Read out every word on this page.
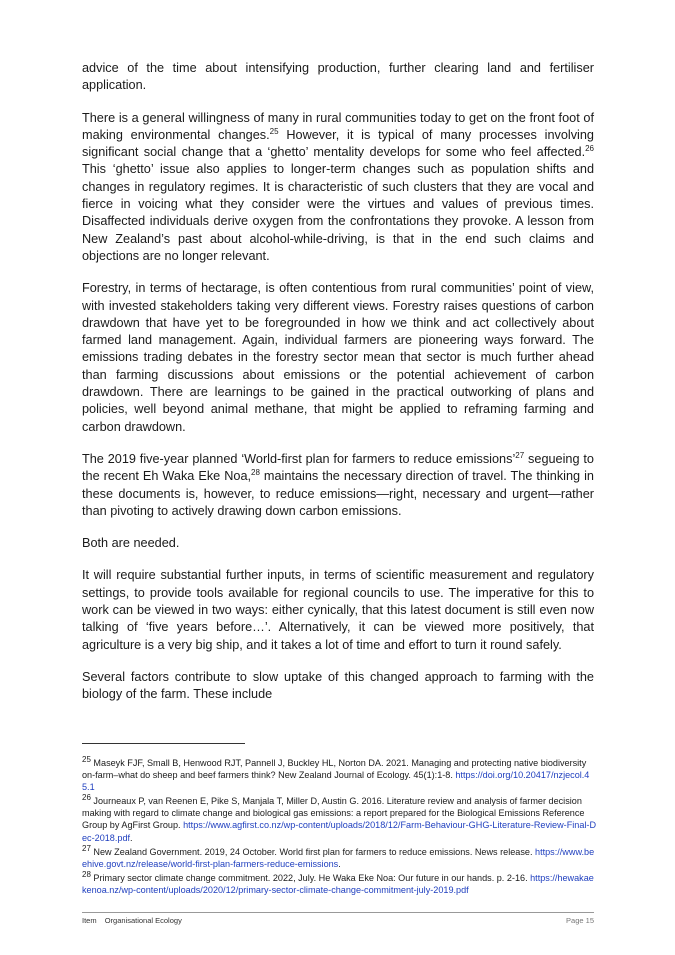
advice of the time about intensifying production, further clearing land and fertiliser application.

There is a general willingness of many in rural communities today to get on the front foot of making environmental changes.$^{25}$ However, it is typical of many processes involving significant social change that a ‘ghetto’ mentality develops for some who feel affected.$^{26}$ This ‘ghetto’ issue also applies to longer-term changes such as population shifts and changes in regulatory regimes. It is characteristic of such clusters that they are vocal and fierce in voicing what they consider were the virtues and values of previous times. Disaffected individuals derive oxygen from the confrontations they provoke. A lesson from New Zealand’s past about alcohol-while-driving, is that in the end such claims and objections are no longer relevant.

Forestry, in terms of hectarage, is often contentious from rural communities’ point of view, with invested stakeholders taking very different views. Forestry raises questions of carbon drawdown that have yet to be foregrounded in how we think and act collectively about farmed land management. Again, individual farmers are pioneering ways forward. The emissions trading debates in the forestry sector mean that sector is much further ahead than farming discussions about emissions or the potential achievement of carbon drawdown. There are learnings to be gained in the practical outworking of plans and policies, well beyond animal methane, that might be applied to reframing farming and carbon drawdown.

The 2019 five-year planned ‘World-first plan for farmers to reduce emissions’$^{27}$ segueing to the recent Eh Waka Eke Noa,$^{28}$ maintains the necessary direction of travel. The thinking in these documents is, however, to reduce emissions—right, necessary and urgent—rather than pivoting to actively drawing down carbon emissions.

Both are needed.

It will require substantial further inputs, in terms of scientific measurement and regulatory settings, to provide tools available for regional councils to use. The imperative for this to work can be viewed in two ways: either cynically, that this latest document is still even now talking of ‘five years before…’. Alternatively, it can be viewed more positively, that agriculture is a very big ship, and it takes a lot of time and effort to turn it round safely.

Several factors contribute to slow uptake of this changed approach to farming with the biology of the farm. These include

$^{25}$ Maseyk FJF, Small B, Henwood RJT, Pannell J, Buckley HL, Norton DA. 2021. Managing and protecting native biodiversity on-farm–what do sheep and beef farmers think? New Zealand Journal of Ecology. 45(1):1-8. https://doi.org/10.20417/nzjecol.45.1

$^{26}$ Journeaux P, van Reenen E, Pike S, Manjala T, Miller D, Austin G. 2016. Literature review and analysis of farmer decision making with regard to climate change and biological gas emissions: a report prepared for the Biological Emissions Reference Group by AgFirst Group. https://www.agfirst.co.nz/wp-content/uploads/2018/12/Farm-Behaviour-GHG-Literature-Review-Final-Dec-2018.pdf.

$^{27}$ New Zealand Government. 2019, 24 October. World first plan for farmers to reduce emissions. News release. https://www.beehive.govt.nz/release/world-first-plan-farmers-reduce-emissions.

$^{28}$ Primary sector climate change commitment. 2022, July. He Waka Eke Noa: Our future in our hands. p. 2-16. https://hewakaekenoa.nz/wp-content/uploads/2020/12/primary-sector-climate-change-commitment-july-2019.pdf

Item Organisational Ecology	Page 15
